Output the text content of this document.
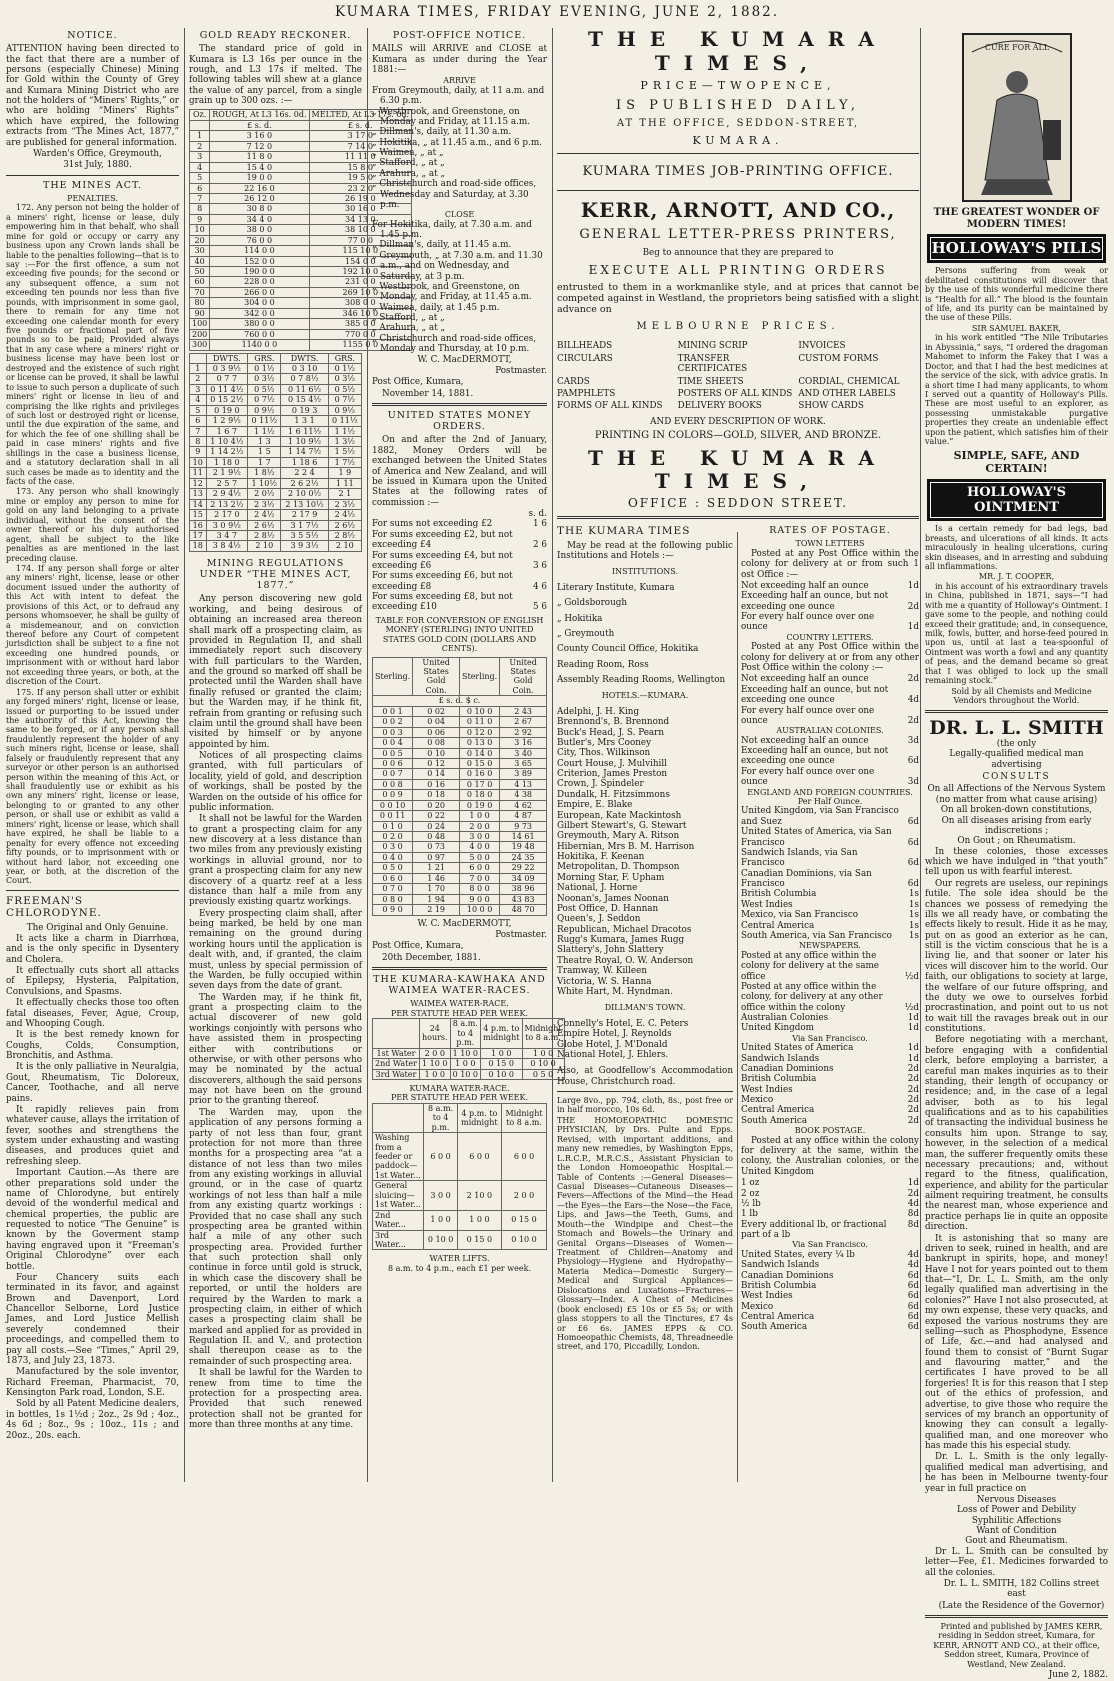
KUMARA TIMES, FRIDAY EVENING, JUNE 2, 1882.
NOTICE.

ATTENTION having been directed to the fact that there are a number of persons (especially Chinese) Mining for Gold within the County of Grey and Kumara Mining District who are not the holders of “Miners' Rights,” or who are holding “Miners' Rights” which have expired, the following extracts from “The Mines Act, 1877,” are published for general information.

Warden's Office, Greymouth,

31st July, 1880.

THE MINES ACT.
PENALTIES.

172. Any person not being the holder of a miners' right, license or lease, duly empowering him in that behalf, who shall mine for gold or occupy or carry any business upon any Crown lands shall be liable to the penalties following—that is to say :—For the first offence, a sum not exceeding five pounds; for the second or any subsequent offence, a sum not exceeding ten pounds nor less than five pounds, with imprisonment in some gaol, there to remain for any time not exceeding one calendar month for every five pounds or fractional part of five pounds so to be paid; Provided always that in any case where a miners' right or business license may have been lost or destroyed and the existence of such right or license can be proved, it shall be lawful to issue to such person a duplicate of such miners' right or license in lieu of and comprising the like rights and privileges of such lost or destroyed right or license, until the due expiration of the same, and for which the fee of one shilling shall be paid in case miners' rights and five shillings in the case a business license, and a statutory declaration shall in all such cases be made as to identity and the facts of the case.

173. Any person who shall knowingly mine or employ any person to mine for gold on any land belonging to a private individual, without the consent of the owner thereof or his duly authorised agent, shall be subject to the like penalties as are mentioned in the last preceding clause.

174. If any person shall forge or alter any miners' right, license, lease or other document issued under the authority of this Act with intent to defeat the provisions of this Act, or to defraud any persons whomsoever, he shall be guilty of a misdemeanour, and on conviction thereof before any Court of competent jurisdiction shall be subject to a fine not exceeding one hundred pounds, or imprisonment with or without hard labor not exceeding three years, or both, at the discretion of the Court.

175. If any person shall utter or exhibit any forged miners' right, license or lease, issued or purporting to be issued under the authority of this Act, knowing the same to be forged, or if any person shall fraudulently represent the holder of any such miners right, license or lease, shall falsely or fraudulently represent that any surveyor or other person is an authorised person within the meaning of this Act, or shall fraudulently use or exhibit as his own any miners' right, license or lease, belonging to or granted to any other person, or shall use or exhibit as valid a miners' right, license or lease, which shall have expired, he shall be liable to a penalty for every offence not exceeding fifty pounds, or to imprisonment with or without hard labor, not exceeding one year, or both, at the discretion of the Court.

FREEMAN'S CHLORODYNE.

The Original and Only Genuine.

It acts like a charm in Diarrhœa, and is the only specific in Dysentery and Cholera.

It effectually cuts short all attacks of Epilepsy, Hysteria, Palpitation, Convulsions, and Spasms.

It effectually checks those too often fatal diseases, Fever, Ague, Croup, and Whooping Cough.

It is the best remedy known for Coughs, Colds, Consumption, Bronchitis, and Asthma.

It is the only palliative in Neuralgia, Gout, Rheumatism, Tic Doloreux, Cancer, Toothache, and all nerve pains.

It rapidly relieves pain from whatever cause, allays the irritation of fever, soothes and strengthens the system under exhausting and wasting diseases, and produces quiet and refreshing sleep.

Important Caution.—As there are other preparations sold under the name of Chlorodyne, but entirely devoid of the wonderful medical and chemical properties, the public are requested to notice “The Genuine” is known by the Goverment stamp having engraved upon it “Freeman's Original Chlorodyne” over each bottle.

Four Chancery suits each terminated in its favor, and against Brown and Davenport, Lord Chancellor Selborne, Lord Justice James, and Lord Justice Mellish severely condemned their proceedings, and compelled them to pay all costs.—See “Times,” April 29, 1873, and July 23, 1873.

Manufactured by the sole inventor, Richard Freeman, Pharmacist, 70, Kensington Park road, London, S.E.

Sold by all Patent Medicine dealers, in bottles, 1s 1½d ; 2oz., 2s 9d ; 4oz., 4s 6d ; 8oz., 9s ; 10oz., 11s ; and 20oz., 20s. each.

GOLD READY RECKONER.

The standard price of gold in Kumara is L3 16s per ounce in the rough, and L3 17s if melted. The following tables will shew at a glance the value of any parcel, from a single grain up to 300 ozs. :—

Oz.	ROUGH, At L3 16s. 0d.	MELTED, At L3 17s. 0d.
	£ s. d.	£ s. d.
1	3 16 0	3 17 0
2	7 12 0	7 14 0
3	11 8 0	11 11 0
4	15 4 0	15 8 0
5	19 0 0	19 5 0
6	22 16 0	23 2 0
7	26 12 0	26 19 0
8	30 8 0	30 16 0
9	34 4 0	34 13 0
10	38 0 0	38 10 0
20	76 0 0	77 0 0
30	114 0 0	115 10 0
40	152 0 0	154 0 0
50	190 0 0	192 10 0
60	228 0 0	231 0 0
70	266 0 0	269 10 0
80	304 0 0	308 0 0
90	342 0 0	346 10 0
100	380 0 0	385 0 0
200	760 0 0	770 0 0
300	1140 0 0	1155 0 0
	DWTS.	GRS.	DWTS.	GRS.
1	0 3 9½	0 1½	0 3 10	0 1½
2	0 7 7	0 3½	0 7 8½	0 3½
3	0 11 4½	0 5½	0 11 6½	0 5½
4	0 15 2½	0 7½	0 15 4½	0 7½
5	0 19 0	0 9½	0 19 3	0 9½
6	1 2 9½	0 11½	1 3 1	0 11½
7	1 6 7	1 1½	1 6 11½	1 1½
8	1 10 4½	1 3	1 10 9½	1 3½
9	1 14 2½	1 5	1 14 7½	1 5½
10	1 18 0	1 7	1 18 6	1 7½
11	2 1 9½	1 8½	2 2 4	1 9
12	2 5 7	1 10½	2 6 2½	1 11
13	2 9 4½	2 0½	2 10 0½	2 1
14	2 13 2½	2 3½	2 13 10½	2 3½
15	2 17 0	2 4½	2 17 9	2 4½
16	3 0 9½	2 6½	3 1 7½	2 6½
17	3 4 7	2 8½	3 5 5½	2 8½
18	3 8 4½	2 10	3 9 3½	2 10
MINING REGULATIONS UNDER “THE MINES ACT, 1877.”

Any person discovering new gold working, and being desirous of obtaining an increased area thereon shall mark off a prospecting claim, as provided in Regulation II, and shall immediately report such discovery with full particulars to the Warden, and the ground so marked off shall be protected until the Warden shall have finally refused or granted the claim; but the Warden may, if he think fit, refrain from granting or refusing such claim until the ground shall have been visited by himself or by anyone appointed by him.

Notices of all prospecting claims granted, with full particulars of locality, yield of gold, and description of workings, shall be posted by the Warden on the outside of his office for public information.

It shall not be lawful for the Warden to grant a prospecting claim for any new discovery at a less distance than two miles from any previously existing workings in alluvial ground, nor to grant a prospecting claim for any new discovery of a quartz reef at a less distance than half a mile from any previously existing quartz workings.

Every prospecting claim shall, after being marked, be held by one man remaining on the ground during working hours until the application is dealt with, and, if granted, the claim must, unless by special permission of the Warden, be fully occupied within seven days from the date of grant.

The Warden may, if he think fit, grant a prospecting claim to the actual discoverer of new gold workings conjointly with persons who have assisted them in prospecting either with contributions or otherwise, or with other persons who may be nominated by the actual discoverers, although the said persons may not have been on the ground prior to the granting thereof.

The Warden may, upon the application of any persons forming a party of not less than four, grant protection for not more than three months for a prospecting area “at a distance of not less than two miles from any existing workings in alluvial ground, or in the case of quartz workings of not less than half a mile from any existing quartz workings : Provided that no case shall any such prospecting area be granted within half a mile of any other such prospecting area. Provided further that such protection shall only continue in force until gold is struck, in which case the discovery shall be reported, or until the holders are required by the Warden to mark a prospecting claim, in either of which cases a prospecting claim shall be marked and applied for as provided in Regulation II. and V., and protection shall thereupon cease as to the remainder of such prospecting area.

It shall be lawful for the Warden to renew from time to time the protection for a prospecting area. Provided that such renewed protection shall not be granted for more than three months at any time.

POST-OFFICE NOTICE.

MAILS will ARRIVE and CLOSE at Kumara as under during the Year 1881:—

ARRIVE
From Greymouth, daily, at 11 a.m. and 6.30 p.m.
„ Westbrook, and Greenstone, on Monday and Friday, at 11.15 a.m.
„ Dillman's, daily, at 11.30 a.m.
„ Hokitika, „ at 11.45 a.m., and 6 p.m.
„ Waimea, „ at „
„ Stafford, „ at „
„ Arahura, „ at „
„ Christchurch and road-side offices, Wednesday and Saturday, at 3.30 p.m.
CLOSE
For Hokitika, daily, at 7.30 a.m. and 1.45 p.m.
„ Dillman's, daily, at 11.45 a.m.
„ Greymouth, „ at 7.30 a.m. and 11.30 a.m., and on Wednesday, and Saturday, at 3 p.m.
„ Westbrook, and Greenstone, on Monday, and Friday, at 11.45 a.m.
„ Waimea, daily, at 1.45 p.m.
„ Stafford, „ at „
„ Arahura, „ at „
„ Christchurch and road-side offices, Monday and Thursday, at 10 p.m.

W. C. MacDERMOTT,

Postmaster.

Post Office, Kumara,

November 14, 1881.

UNITED STATES MONEY ORDERS.

On and after the 2nd of January, 1882, Money Orders will be exchanged between the United States of America and New Zealand, and will be issued in Kumara upon the United States at the following rates of commission :—

s. d.
For sums not exceeding £2	1 6
For sums exceeding £2, but not exceeding £4	2 6
For sums exceeding £4, but not exceeding £6	3 6
For sums exceeding £6, but not exceeding £8	4 6
For sums exceeding £8, but not exceeding £10	5 6
TABLE FOR CONVERSION OF ENGLISH MONEY (STERLING) INTO UNITED STATES GOLD COIN (DOLLARS AND CENTS).
Sterling.	United States Gold Coin.	Sterling.	United States Gold Coin.
£ s. d. $ c.			
0 0 1	0 02	0 10 0	2 43
0 0 2	0 04	0 11 0	2 67
0 0 3	0 06	0 12 0	2 92
0 0 4	0 08	0 13 0	3 16
0 0 5	0 10	0 14 0	3 40
0 0 6	0 12	0 15 0	3 65
0 0 7	0 14	0 16 0	3 89
0 0 8	0 16	0 17 0	4 13
0 0 9	0 18	0 18 0	4 38
0 0 10	0 20	0 19 0	4 62
0 0 11	0 22	1 0 0	4 87
0 1 0	0 24	2 0 0	9 73
0 2 0	0 48	3 0 0	14 61
0 3 0	0 73	4 0 0	19 48
0 4 0	0 97	5 0 0	24 35
0 5 0	1 21	6 0 0	29 22
0 6 0	1 46	7 0 0	34 09
0 7 0	1 70	8 0 0	38 96
0 8 0	1 94	9 0 0	43 83
0 9 0	2 19	10 0 0	48 70

W. C. MacDERMOTT,

Postmaster.

Post Office, Kumara,

20th December, 1881.

THE KUMARA-KAWHAKA AND WAIMEA WATER-RACES.
WAIMEA WATER-RACE.
PER STATUTE HEAD PER WEEK.
	24 hours.	8 a.m. to 4 p.m.	4 p.m. to midnight	Midnight to 8 a.m.
1st Water	2 0 0	1 10 0	1 0 0	1 0 0
2nd Water	1 10 0	1 0 0	0 15 0	0 10 0
3rd Water	1 0 0	0 10 0	0 10 0	0 5 0
KUMARA WATER-RACE.
PER STATUTE HEAD PER WEEK.
	8 a.m. to 4 p.m.	4 p.m. to midnight	Midnight to 8 a.m.
Washing from a feeder or paddock— 1st Water...	6 0 0	6 0 0	6 0 0
General sluicing— 1st Water...	3 0 0	2 10 0	2 0 0
2nd Water...	1 0 0	1 0 0	0 15 0
3rd Water...	0 10 0	0 15 0	0 10 0
WATER LIFTS.
8 a.m. to 4 p.m., each £1 per week.
THE KUMARA TIMES,
PRICE—TWOPENCE,
IS PUBLISHED DAILY,
AT THE OFFICE, SEDDON-STREET,
KUMARA.
KUMARA TIMES JOB-PRINTING OFFICE.
KERR, ARNOTT, AND CO.,
GENERAL LETTER-PRESS PRINTERS,
Beg to announce that they are prepared to
EXECUTE ALL PRINTING ORDERS

entrusted to them in a workmanlike style, and at prices that cannot be competed against in Westland, the proprietors being satisfied with a slight advance on

MELBOURNE PRICES.
BILLHEADS	MINING SCRIP	INVOICES
CIRCULARS	TRANSFER CERTIFICATES
CUSTOM FORMS
CARDS	TIME SHEETS	CORDIAL, CHEMICAL
PAMPHLETS	POSTERS OF ALL KINDS AND OTHER LABELS
FORMS OF ALL KINDS	DELIVERY BOOKS	SHOW CARDS
AND EVERY DESCRIPTION OF WORK.
PRINTING IN COLORS—GOLD, SILVER, AND BRONZE.
THE KUMARA TIMES,
OFFICE : SEDDON STREET.
THE KUMARA TIMES

May be read at the following public Institutions and Hotels :—

INSTITUTIONS.
Literary Institute, Kumara
„ Goldsborough
„ Hokitika
„ Greymouth
County Council Office, Hokitika
Reading Room, Ross
Assembly Reading Rooms, Wellington
HOTELS.—KUMARA.
Adelphi, J. H. King
Brennond's, B. Brennond
Buck's Head, J. S. Pearn
Butler's, Mrs Cooney
City, Thos. Wilkinson
Court House, J. Mulvihill
Criterion, James Preston
Crown, J. Spindeler
Dundalk, H. Fitzsimmons
Empire, E. Blake
European, Kate Mackintosh
Gilbert Stewart's, G. Stewart
Greymouth, Mary A. Ritson
Hibernian, Mrs B. M. Harrison
Hokitika, F. Keenan
Metropolitan, D. Thompson
Morning Star, F. Upham
National, J. Horne
Noonan's, James Noonan
Post Office, D. Hannan
Queen's, J. Seddon
Republican, Michael Dracotos
Rugg's Kumara, James Rugg
Slattery's, John Slattery
Theatre Royal, O. W. Anderson
Tramway, W. Killeen
Victoria, W. S. Hanna
White Hart, M. Hyndman.
DILLMAN'S TOWN.
Connelly's Hotel, E. C. Peters
Empire Hotel, J. Reynolds
Globe Hotel, J. M'Donald
National Hotel, J. Ehlers.

Also, at Goodfellow's Accommodation House, Christchurch road.

Large 8vo., pp. 794, cloth, 8s., post free or in half morocco, 10s 6d.

THE HOMOEOPATHIC DOMESTIC PHYSICIAN, by Drs. Pulte and Epps. Revised, with important additions, and many new remedies, by Washington Epps, L.R.C.P., M.R.C.S., Assistant Physician to the London Homoeopathic Hospital.—Table of Contents :—General Diseases—Casual Diseases—Cutaneous Diseases—Fevers—Affections of the Mind—the Head—the Eyes—the Ears—the Nose—the Face, Lips, and Jaws—the Teeth, Gums, and Mouth—the Windpipe and Chest—the Stomach and Bowels—the Urinary and Genital Organs—Diseases of Women—Treatment of Children—Anatomy and Physiology—Hygiene and Hydropathy—Materia Medica—Domestic Surgery—Medical and Surgical Appliances—Dislocations and Luxations—Fractures—Glossary—Index. A Chest of Medicines (book enclosed) £5 10s or £5 5s; or with glass stoppers to all the Tinctures, £7 4s or £6 6s. JAMES EPPS & CO. Homoeopathic Chemists, 48, Threadneedle street, and 170, Piccadilly, London.

RATES OF POSTAGE.
TOWN LETTERS

Posted at any Post Office within the colony for delivery at or from such 1 ost Office :—

Not exceeding half an ounce	1d
Exceeding half an ounce, but not exceeding one ounce	2d
For every half ounce over one ounce	1d
COUNTRY LETTERS.

Posted at any Post Office within the colony for delivery at or from any other Post Office within the colony :—

Not exceeding half an ounce	2d
Exceeding half an ounce, but not exceeding one ounce	4d
For every half ounce over one ounce	2d
AUSTRALIAN COLONIES.
Not exceeding half an ounce	3d
Exceeding half an ounce, but not exceeding one ounce	6d
For every half ounce over one ounce	3d
ENGLAND AND FOREIGN COUNTRIES. Per Half Ounce.
United Kingdom, via San Francisco and Suez	6d
United States of America, via San Francisco	6d
Sandwich Islands, via San Francisco	6d
Canadian Dominions, via San Francisco	6d
British Columbia	1s
West Indies	1s
Mexico, via San Francisco	1s
Central America	1s
South America, via San Francisco	1s
NEWSPAPERS.
Posted at any office within the colony for delivery at the same office	½d
Posted at any office within the colony, for delivery at any other office within the colony	½d
Australian Colonies	1d
United Kingdom	1d
Via San Francisco.
United States of America	1d
Sandwich Islands	1d
Canadian Dominions	2d
British Columbia	2d
West Indies	2d
Mexico	2d
Central America	2d
South America	2d
BOOK POSTAGE.

Posted at any office within the colony for delivery at the same, within the colony, the Australian colonies, or the United Kingdom

1 oz	1d
2 oz	2d
½ lb	4d
1 lb	8d
Every additional lb, or fractional part of a lb
8d
Via San Francisco.
United States, every ¼ lb	4d
Sandwich Islands	4d
Canadian Dominions	6d
British Columbia	6d
West Indies	6d
Mexico	6d
Central America	6d
South America	6d
CURE FOR ALL
THE GREATEST WONDER OF MODERN TIMES!
HOLLOWAY'S PILLS

Persons suffering from weak or debilitated constitutions will discover that by the use of this wonderful medicine there is “Health for all.” The blood is the fountain of life, and its purity can be maintained by the use of these Pills.

SIR SAMUEL BAKER,

in his work entitled “The Nile Tributaries in Abyssinia,” says, “I ordered the dragoman Mahomet to inform the Fakey that I was a Doctor, and that I had the best medicines at the service of the sick, with advice gratis. In a short time I had many applicants, to whom I served out a quantity of Holloway's Pills. These are most useful to an explorer, as possessing unmistakable purgative properties they create an undeniable effect upon the patient, which satisfies him of their value.”

SIMPLE, SAFE, AND CERTAIN!
HOLLOWAY'S OINTMENT

Is a certain remedy for bad legs, bad breasts, and ulcerations of all kinds. It acts miraculously in healing ulcerations, curing skin diseases, and in arresting and subduing all inflammations.

MR. J. T. COOPER,

in his account of his extraordinary travels in China, published in 1871, says—“I had with me a quantity of Holloway's Ointment. I gave some to the people, and nothing could exceed their gratitude; and, in consequence, milk, fowls, butter, and horse-feed poured in upon us, until at last a tea-spoonful of Ointment was worth a fowl and any quantity of peas, and the demand became so great that I was obliged to lock up the small remaining stock.”

Sold by all Chemists and Medicine Vendors throughout the World.

DR. L. L. SMITH
(the only
Legally-qualified medical man advertising
CONSULTS
On all Affections of the Nervous System (no matter from what cause arising)
On all broken-down constitutions,
On all diseases arising from early indiscretions ;
On Gout ; on Rheumatism.

In these colonies, those excesses which we have indulged in “that youth” tell upon us with fearful interest.

Our regrets are useless, our repinings futile. The sole idea should be the chances we possess of remedying the ills we all ready have, or combating the effects likely to result. Hide it as he may, put on as good an exterior as he can, still is the victim conscious that he is a living lie, and that sooner or later his vices will discover him to the world. Our faith, our obligations to society at large, the welfare of our future offspring, and the duty we owe to ourselves forbid procrastination, and point out to us not to wait till the ravages break out in our constitutions.

Before negotiating with a merchant, before engaging with a confidential clerk, before employing a barrister, a careful man makes inquiries as to their standing, their length of occupancy or residence; and, in the case of a legal adviser, both as to his legal qualifications and as to his capabilities of transacting the individual business he consults him upon. Strange to say, however, in the selection of a medical man, the sufferer frequently omits these necessary precautions; and, without regard to the fitness, qualification, experience, and ability for the particular ailment requiring treatment, he consults the nearest man, whose experience and practice perhaps lie in quite an opposite direction.

It is astonishing that so many are driven to seek, ruined in health, and are bankrupt in spirits, hope, and money! Have I not for years pointed out to them that—“I, Dr. L. L. Smith, am the only legally qualified man advertising in the colonies?” Have I not also prosecuted, at my own expense, these very quacks, and exposed the various nostrums they are selling—such as Phosphodyne, Essence of Life, &c.—and had analysed and found them to consist of “Burnt Sugar and flavouring matter,” and the certificates I have proved to be all forgeries! It is for this reason that I step out of the ethics of profession, and advertise, to give those who require the services of my branch an opportunity of knowing they can consult a legally-qualified man, and one moreover who has made this his especial study.

Dr. L. L. Smith is the only legally-qualified medical man advertising, and he has been in Melbourne twenty-four year in full practice on

Nervous Diseases
Loss of Power and Debility
Syphilitic Affections
Want of Condition
Gout and Rheumatism.

Dr L. L. Smith can be consulted by letter—Fee, £1. Medicines forwarded to all the colonies.

Dr. L. L. SMITH, 182 Collins street east

(Late the Residence of the Governor)

Printed and published by JAMES KERR, residing in Seddon street, Kumara, for KERR, ARNOTT AND CO., at their office, Seddon street, Kumara, Province of Westland, New Zealand.

June 2, 1882.
